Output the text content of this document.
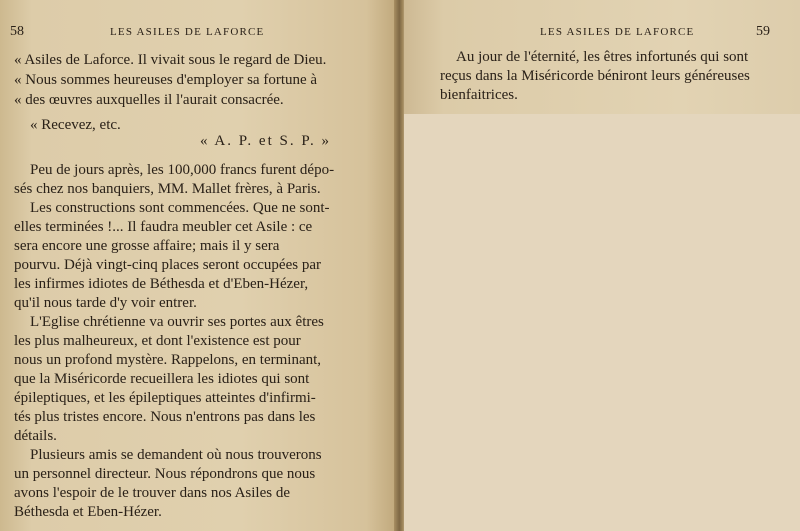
58	LES ASILES DE LAFORCE
« Asiles de Laforce. Il vivait sous le regard de Dieu.
« Nous sommes heureuses d'employer sa fortune à
« des œuvres auxquelles il l'aurait consacrée.
« Recevez, etc.
« A. P. et S. P. »
Peu de jours après, les 100,000 francs furent dépo-
sés chez nos banquiers, MM. Mallet frères, à Paris.
Les constructions sont commencées. Que ne sont-
elles terminées !... Il faudra meubler cet Asile : ce
sera encore une grosse affaire; mais il y sera
pourvu. Déjà vingt-cinq places seront occupées par
les infirmes idiotes de Béthesda et d'Eben-Hézer,
qu'il nous tarde d'y voir entrer.
L'Eglise chrétienne va ouvrir ses portes aux êtres
les plus malheureux, et dont l'existence est pour
nous un profond mystère. Rappelons, en terminant,
que la Miséricorde recueillera les idiotes qui sont
épileptiques, et les épileptiques atteintes d'infirmi-
tés plus tristes encore. Nous n'entrons pas dans les
détails.
Plusieurs amis se demandent où nous trouverons
un personnel directeur. Nous répondrons que nous
avons l'espoir de le trouver dans nos Asiles de
Béthesda et Eben-Hézer.
LES ASILES DE LAFORCE	59
Au jour de l'éternité, les êtres infortunés qui sont
reçus dans la Miséricorde béniront leurs généreuses
bienfaitrices.
